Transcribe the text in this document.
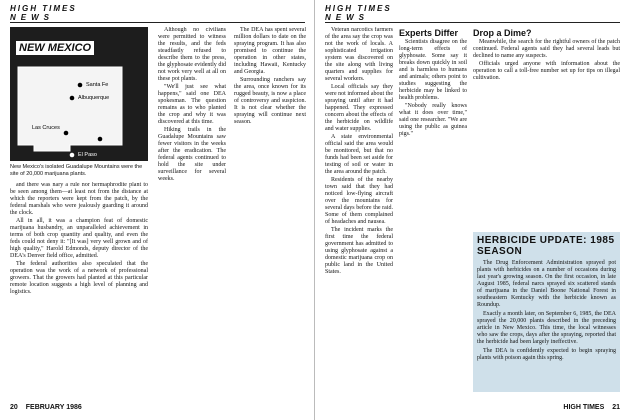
HIGH TIMES
NEWS
NEW MEXICO
Santa Fe
Albuquerque
Las Cruces
El Paso
New Mexico's isolated Guadalupe Mountains were the site of 20,000 marijuana plants.

and there was nary a rule nor hermaphrodite plant to be seen among them—at least not from the distance at which the reporters were kept from the patch, by the federal marshals who were jealously guarding it around the clock.

All in all, it was a champion feat of domestic marijuana husbandry, an unparalleled achievement in terms of both crop quantity and quality, and even the feds could not deny it: "[It was] very well grown and of high quality," Harold Edmonds, deputy director of the DEA's Denver field office, admitted.

The federal authorities also speculated that the operation was the work of a network of professional growers. That the growers had planted at this particular remote location suggests a high level of planning and logistics.

Although no civilians were permitted to witness the results, and the feds steadfastly refused to describe them to the press, the glyphosate evidently did not work very well at all on these pot plants.

"We'll just see what happens," said one DEA spokesman. The question remains as to who planted the crop and why it was discovered at this time.

Hiking trails in the Guadalupe Mountains saw fewer visitors in the weeks after the eradication. The federal agents continued to hold the site under surveillance for several weeks.

The DEA has spent several million dollars to date on the spraying program. It has also promised to continue the operation in other states, including Hawaii, Kentucky and Georgia.

Surrounding ranchers say the area, once known for its rugged beauty, is now a place of controversy and suspicion. It is not clear whether the spraying will continue next season.

20 FEBRUARY 1986
HIGH TIMES
NEWS

Veteran narcotics farmers of the area say the crop was not the work of locals. A sophisticated irrigation system was discovered on the site along with living quarters and supplies for several workers.

Local officials say they were not informed about the spraying until after it had happened. They expressed concern about the effects of the herbicide on wildlife and water supplies.

A state environmental official said the area would be monitored, but that no funds had been set aside for testing of soil or water in the area around the patch.

Residents of the nearby town said that they had noticed low-flying aircraft over the mountains for several days before the raid. Some of them complained of headaches and nausea.

The incident marks the first time the federal government has admitted to using glyphosate against a domestic marijuana crop on public land in the United States.

Experts Differ

Scientists disagree on the long-term effects of glyphosate. Some say it breaks down quickly in soil and is harmless to humans and animals; others point to studies suggesting the herbicide may be linked to health problems.

"Nobody really knows what it does over time," said one researcher. "We are using the public as guinea pigs."

Drop a Dime?

Meanwhile, the search for the rightful owners of the patch continued. Federal agents said they had several leads but declined to name any suspects.

Officials urged anyone with information about the operation to call a toll-free number set up for tips on illegal cultivation.

HERBICIDE UPDATE: 1985 SEASON

The Drug Enforcement Administration sprayed pot plants with herbicides on a number of occasions during last year's growing season. On the first occasion, in late August 1985, federal narcs sprayed six scattered stands of marijuana in the Daniel Boone National Forest in southeastern Kentucky with the herbicide known as Roundup.

Exactly a month later, on September 6, 1985, the DEA sprayed the 20,000 plants described in the preceding article in New Mexico. This time, the local witnesses who saw the crops, days after the spraying, reported that the herbicide had been largely ineffective.

The DEA is confidently expected to begin spraying plants with poison again this spring.

HIGH TIMES 21
